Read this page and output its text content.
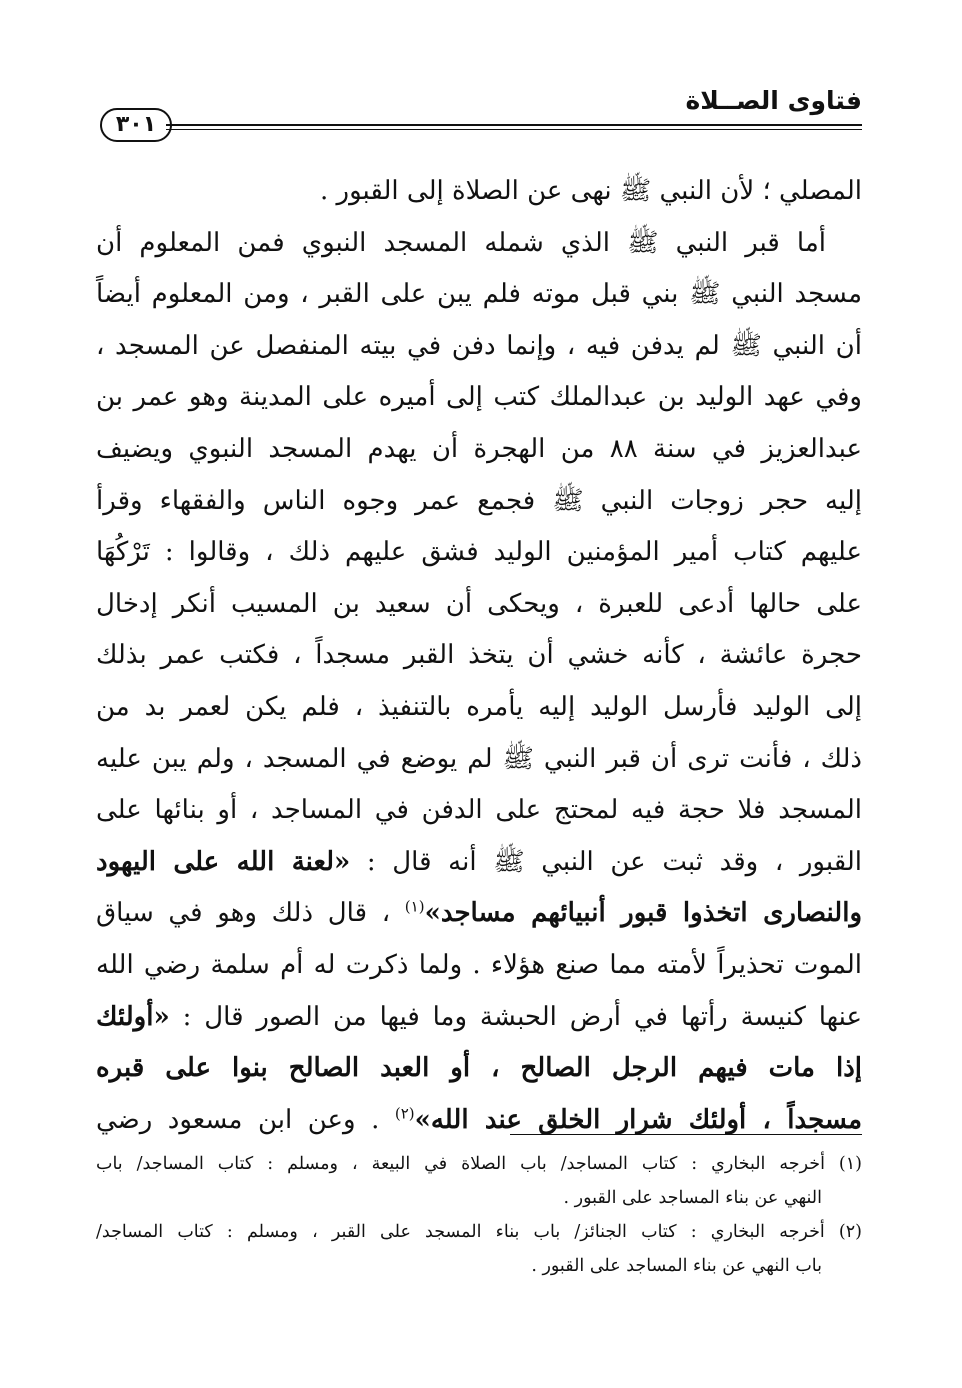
فتاوى الصــلاة
٣٠١
المصلي ؛ لأن النبي ﷺ نهى عن الصلاة إلى القبور .
أما قبر النبي ﷺ الذي شمله المسجد النبوي فمن المعلوم أن
مسجد النبي ﷺ بني قبل موته فلم يبن على القبر ، ومن المعلوم أيضاً
أن النبي ﷺ لم يدفن فيه ، وإنما دفن في بيته المنفصل عن المسجد ،
وفي عهد الوليد بن عبدالملك كتب إلى أميره على المدينة وهو عمر بن
عبدالعزيز في سنة ٨٨ من الهجرة أن يهدم المسجد النبوي ويضيف
إليه حجر زوجات النبي ﷺ فجمع عمر وجوه الناس والفقهاء وقرأ
عليهم كتاب أمير المؤمنين الوليد فشق عليهم ذلك ، وقالوا : تَرْكُهَا
على حالها أدعى للعبرة ، ويحكى أن سعيد بن المسيب أنكر إدخال
حجرة عائشة ، كأنه خشي أن يتخذ القبر مسجداً ، فكتب عمر بذلك
إلى الوليد فأرسل الوليد إليه يأمره بالتنفيذ ، فلم يكن لعمر بد من
ذلك ، فأنت ترى أن قبر النبي ﷺ لم يوضع في المسجد ، ولم يبن عليه
المسجد فلا حجة فيه لمحتج على الدفن في المساجد ، أو بنائها على
القبور ، وقد ثبت عن النبي ﷺ أنه قال : «لعنة الله على اليهود
والنصارى اتخذوا قبور أنبيائهم مساجد»$^{(١)}$ ، قال ذلك وهو في سياق
الموت تحذيراً لأمته مما صنع هؤلاء . ولما ذكرت له أم سلمة رضي الله
عنها كنيسة رأتها في أرض الحبشة وما فيها من الصور قال : «أولئك
إذا مات فيهم الرجل الصالح ، أو العبد الصالح بنوا على قبره
مسجداً ، أولئك شرار الخلق عند الله»$^{(٢)}$ . وعن ابن مسعود رضي
(١) أخرجه البخاري : كتاب المساجد/ باب الصلاة في البيعة ، ومسلم : كتاب المساجد/ باب
النهي عن بناء المساجد على القبور .
(٢) أخرجه البخاري : كتاب الجنائز/ باب بناء المسجد على القبر ، ومسلم : كتاب المساجد/
باب النهي عن بناء المساجد على القبور .
